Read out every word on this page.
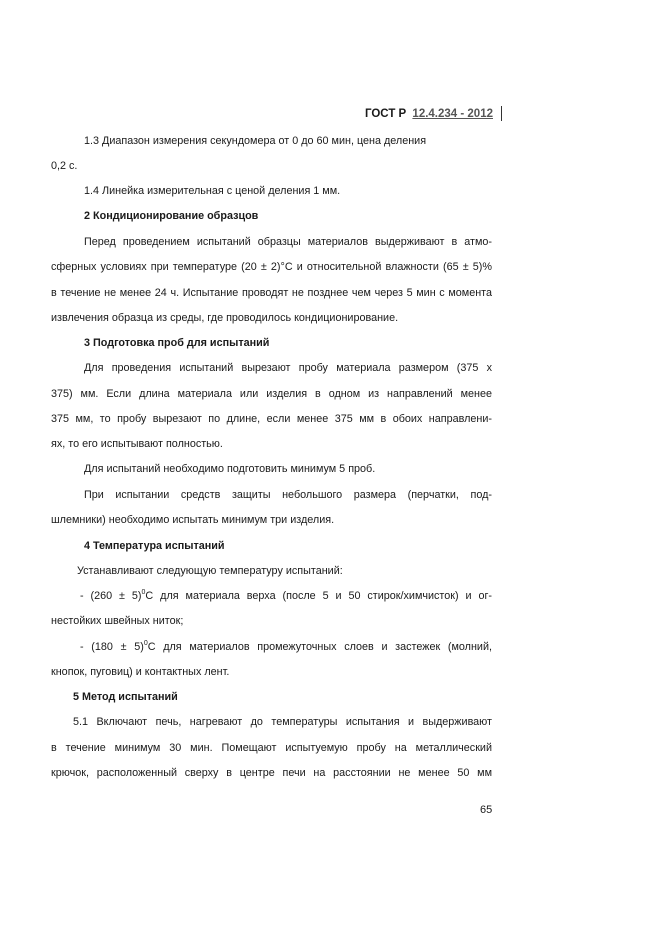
ГОСТ Р 12.4.234 - 2012
1.3 Диапазон измерения секундомера от 0 до 60 мин, цена деления
0,2 с.
1.4 Линейка измерительная с ценой деления 1 мм.
2 Кондиционирование образцов
Перед проведением испытаний образцы материалов выдерживают в атмо-
сферных условиях при температуре (20 ± 2)°С и относительной влажности (65 ± 5)%
в течение не менее 24 ч. Испытание проводят не позднее чем через 5 мин с момента
извлечения образца из среды, где проводилось кондиционирование.
3 Подготовка проб для испытаний
Для проведения испытаний вырезают пробу материала размером (375 х
375) мм. Если длина материала или изделия в одном из направлений менее
375 мм, то пробу вырезают по длине, если менее 375 мм в обоих направлени-
ях, то его испытывают полностью.
Для испытаний необходимо подготовить минимум 5 проб.
При испытании средств защиты небольшого размера (перчатки, под-
шлемники) необходимо испытать минимум три изделия.
4 Температура испытаний
Устанавливают следующую температуру испытаний:
- $(260 \pm 5)^0С$ для материала верха (после 5 и 50 стирок/химчисток) и ог-
нестойких швейных ниток;
- $(180 \pm 5)^0С$ для материалов промежуточных слоев и застежек (молний,
кнопок, пуговиц) и контактных лент.
5 Метод испытаний
5.1 Включают печь, нагревают до температуры испытания и выдерживают
в течение минимум 30 мин. Помещают испытуемую пробу на металлический
крючок, расположенный сверху в центре печи на расстоянии не менее 50 мм
65
